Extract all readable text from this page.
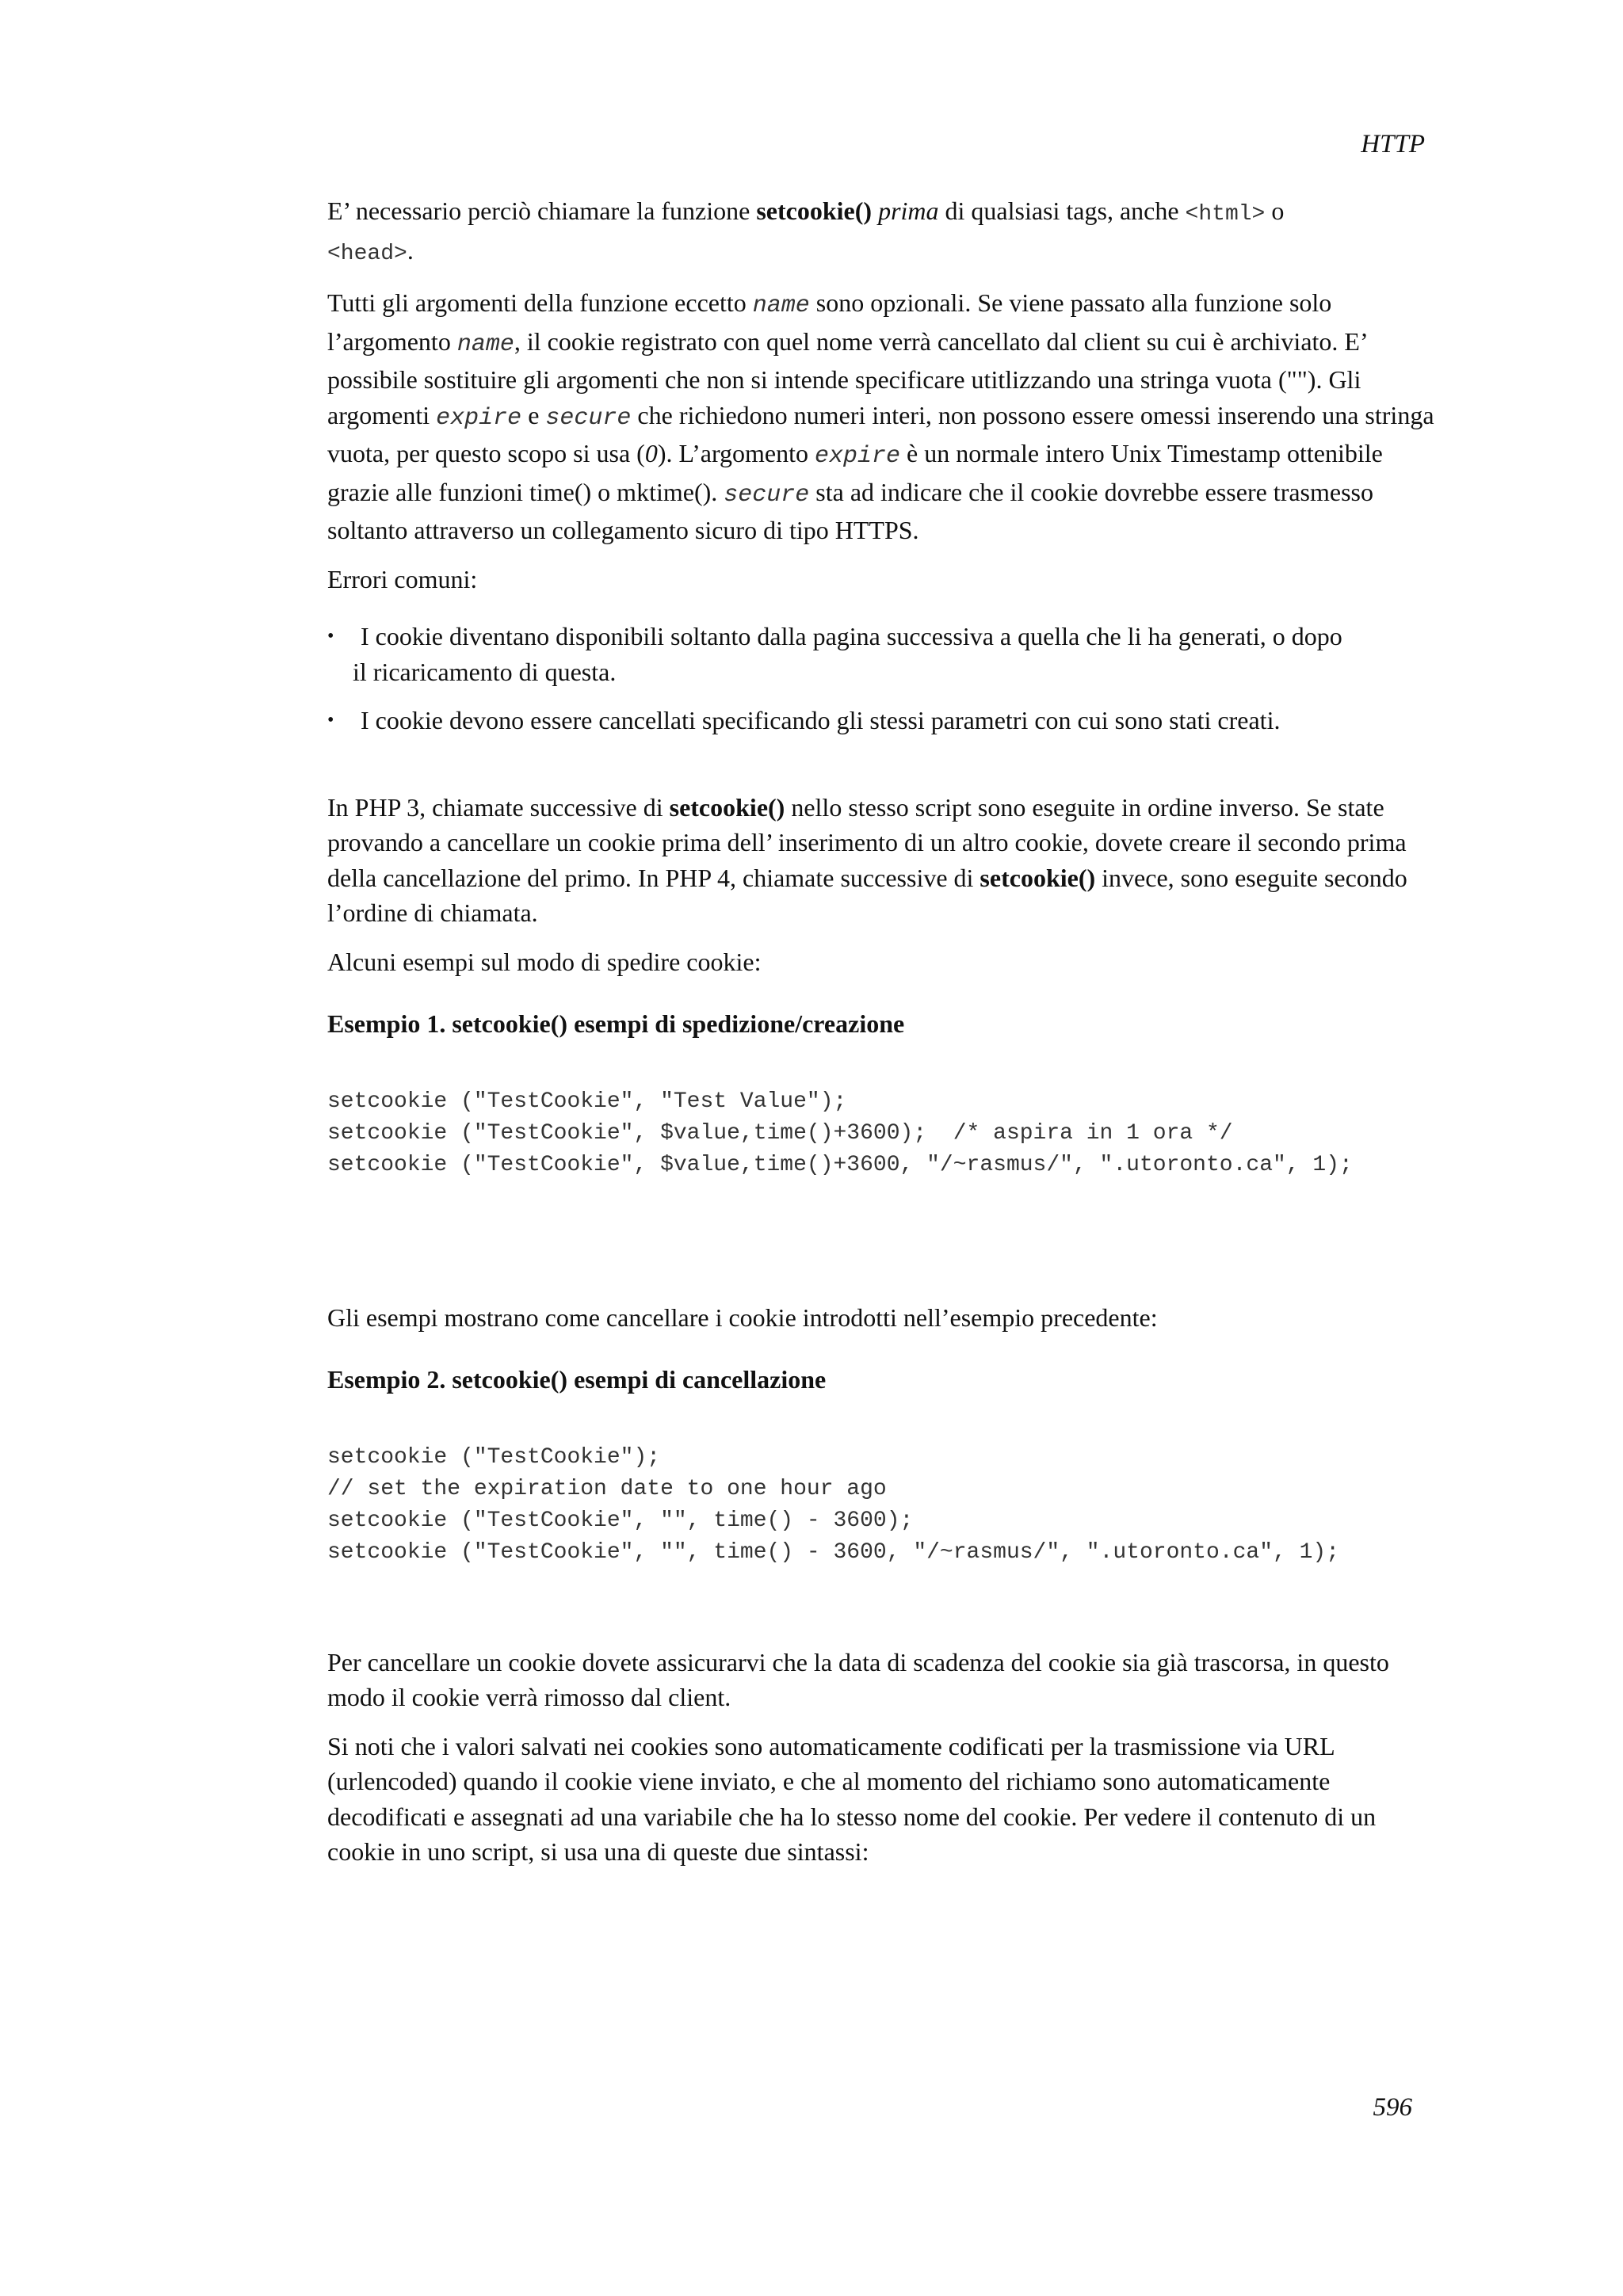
HTTP

E’ necessario perciò chiamare la funzione setcookie() prima di qualsiasi tags, anche <html> o
<head>.

Tutti gli argomenti della funzione eccetto name sono opzionali. Se viene passato alla funzione solo l’argomento name, il cookie registrato con quel nome verrà cancellato dal client su cui è archiviato. E’ possibile sostituire gli argomenti che non si intende specificare utitlizzando una stringa vuota (""). Gli argomenti expire e secure che richiedono numeri interi, non possono essere omessi inserendo una stringa vuota, per questo scopo si usa (0). L’argomento expire è un normale intero Unix Timestamp ottenibile grazie alle funzioni time() o mktime(). secure sta ad indicare che il cookie dovrebbe essere trasmesso soltanto attraverso un collegamento sicuro di tipo HTTPS.

Errori comuni:

• I cookie diventano disponibili soltanto dalla pagina successiva a quella che li ha generati, o dopo
il ricaricamento di questa.
• I cookie devono essere cancellati specificando gli stessi parametri con cui sono stati creati.

In PHP 3, chiamate successive di setcookie() nello stesso script sono eseguite in ordine inverso. Se state provando a cancellare un cookie prima dell’ inserimento di un altro cookie, dovete creare il secondo prima della cancellazione del primo. In PHP 4, chiamate successive di setcookie() invece, sono eseguite secondo l’ordine di chiamata.

Alcuni esempi sul modo di spedire cookie:

Esempio 1. setcookie() esempi di spedizione/creazione
setcookie ("TestCookie", "Test Value");
setcookie ("TestCookie", $value,time()+3600);  /* aspira in 1 ora */
setcookie ("TestCookie", $value,time()+3600, "/~rasmus/", ".utoronto.ca", 1);

Gli esempi mostrano come cancellare i cookie introdotti nell’esempio precedente:

Esempio 2. setcookie() esempi di cancellazione
setcookie ("TestCookie");
// set the expiration date to one hour ago
setcookie ("TestCookie", "", time() - 3600);
setcookie ("TestCookie", "", time() - 3600, "/~rasmus/", ".utoronto.ca", 1);

Per cancellare un cookie dovete assicurarvi che la data di scadenza del cookie sia già trascorsa, in questo modo il cookie verrà rimosso dal client.

Si noti che i valori salvati nei cookies sono automaticamente codificati per la trasmissione via URL (urlencoded) quando il cookie viene inviato, e che al momento del richiamo sono automaticamente decodificati e assegnati ad una variabile che ha lo stesso nome del cookie. Per vedere il contenuto di un cookie in uno script, si usa una di queste due sintassi:

596
